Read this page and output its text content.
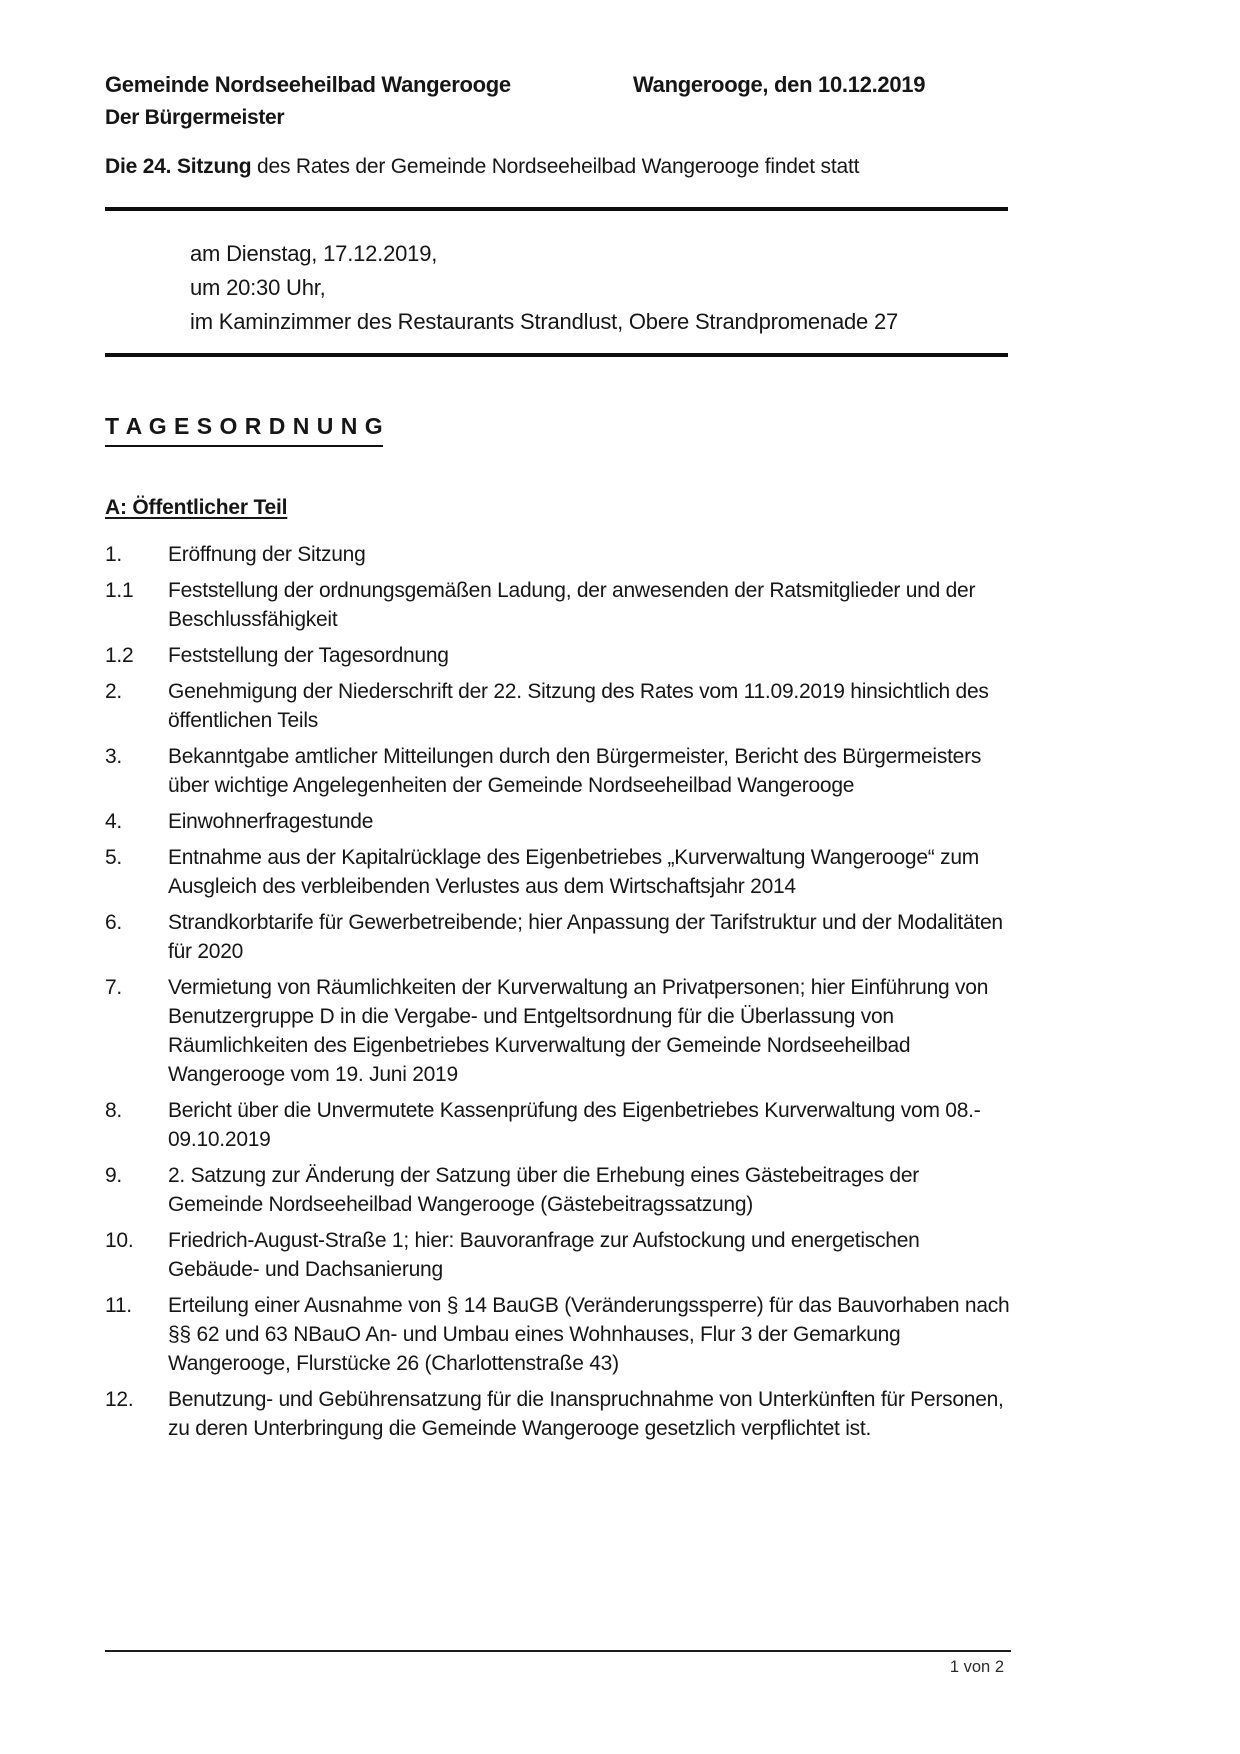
Gemeinde Nordseeheilbad Wangerooge
Der Bürgermeister
Wangerooge, den 10.12.2019
Die 24. Sitzung des Rates der Gemeinde Nordseeheilbad Wangerooge findet statt
am Dienstag, 17.12.2019,
um 20:30 Uhr,
im Kaminzimmer des Restaurants Strandlust, Obere Strandpromenade 27
T A G E S O R D N U N G
A: Öffentlicher Teil
1.	Eröffnung der Sitzung
1.1	Feststellung der ordnungsgemäßen Ladung, der anwesenden der Ratsmitglieder und der Beschlussfähigkeit
1.2	Feststellung der Tagesordnung
2.	Genehmigung der Niederschrift der 22. Sitzung des Rates vom 11.09.2019 hinsichtlich des öffentlichen Teils
3.	Bekanntgabe amtlicher Mitteilungen durch den Bürgermeister, Bericht des Bürgermeisters über wichtige Angelegenheiten der Gemeinde Nordseeheilbad Wangerooge
4.	Einwohnerfragestunde
5.	Entnahme aus der Kapitalrücklage des Eigenbetriebes „Kurverwaltung Wangerooge“ zum Ausgleich des verbleibenden Verlustes aus dem Wirtschaftsjahr 2014
6.	Strandkorbtarife für Gewerbetreibende; hier Anpassung der Tarifstruktur und der Modalitäten für 2020
7.	Vermietung von Räumlichkeiten der Kurverwaltung an Privatpersonen; hier Einführung von Benutzergruppe D in die Vergabe- und Entgeltsordnung für die Überlassung von Räumlichkeiten des Eigenbetriebes Kurverwaltung der Gemeinde Nordseeheilbad Wangerooge vom 19. Juni 2019
8.	Bericht über die Unvermutete Kassenprüfung des Eigenbetriebes Kurverwaltung vom 08.- 09.10.2019
9.	2. Satzung zur Änderung der Satzung über die Erhebung eines Gästebeitrages der Gemeinde Nordseeheilbad Wangerooge (Gästebeitragssatzung)
10.	Friedrich-August-Straße 1; hier: Bauvoranfrage zur Aufstockung und energetischen Gebäude- und Dachsanierung
11.	Erteilung einer Ausnahme von § 14 BauGB (Veränderungssperre) für das Bauvorhaben nach §§ 62 und 63 NBauO An- und Umbau eines Wohnhauses, Flur 3 der Gemarkung Wangerooge, Flurstücke 26 (Charlottenstraße 43)
12.	Benutzung- und Gebührensatzung für die Inanspruchnahme von Unterkünften für Personen, zu deren Unterbringung die Gemeinde Wangerooge gesetzlich verpflichtet ist.
1 von 2
